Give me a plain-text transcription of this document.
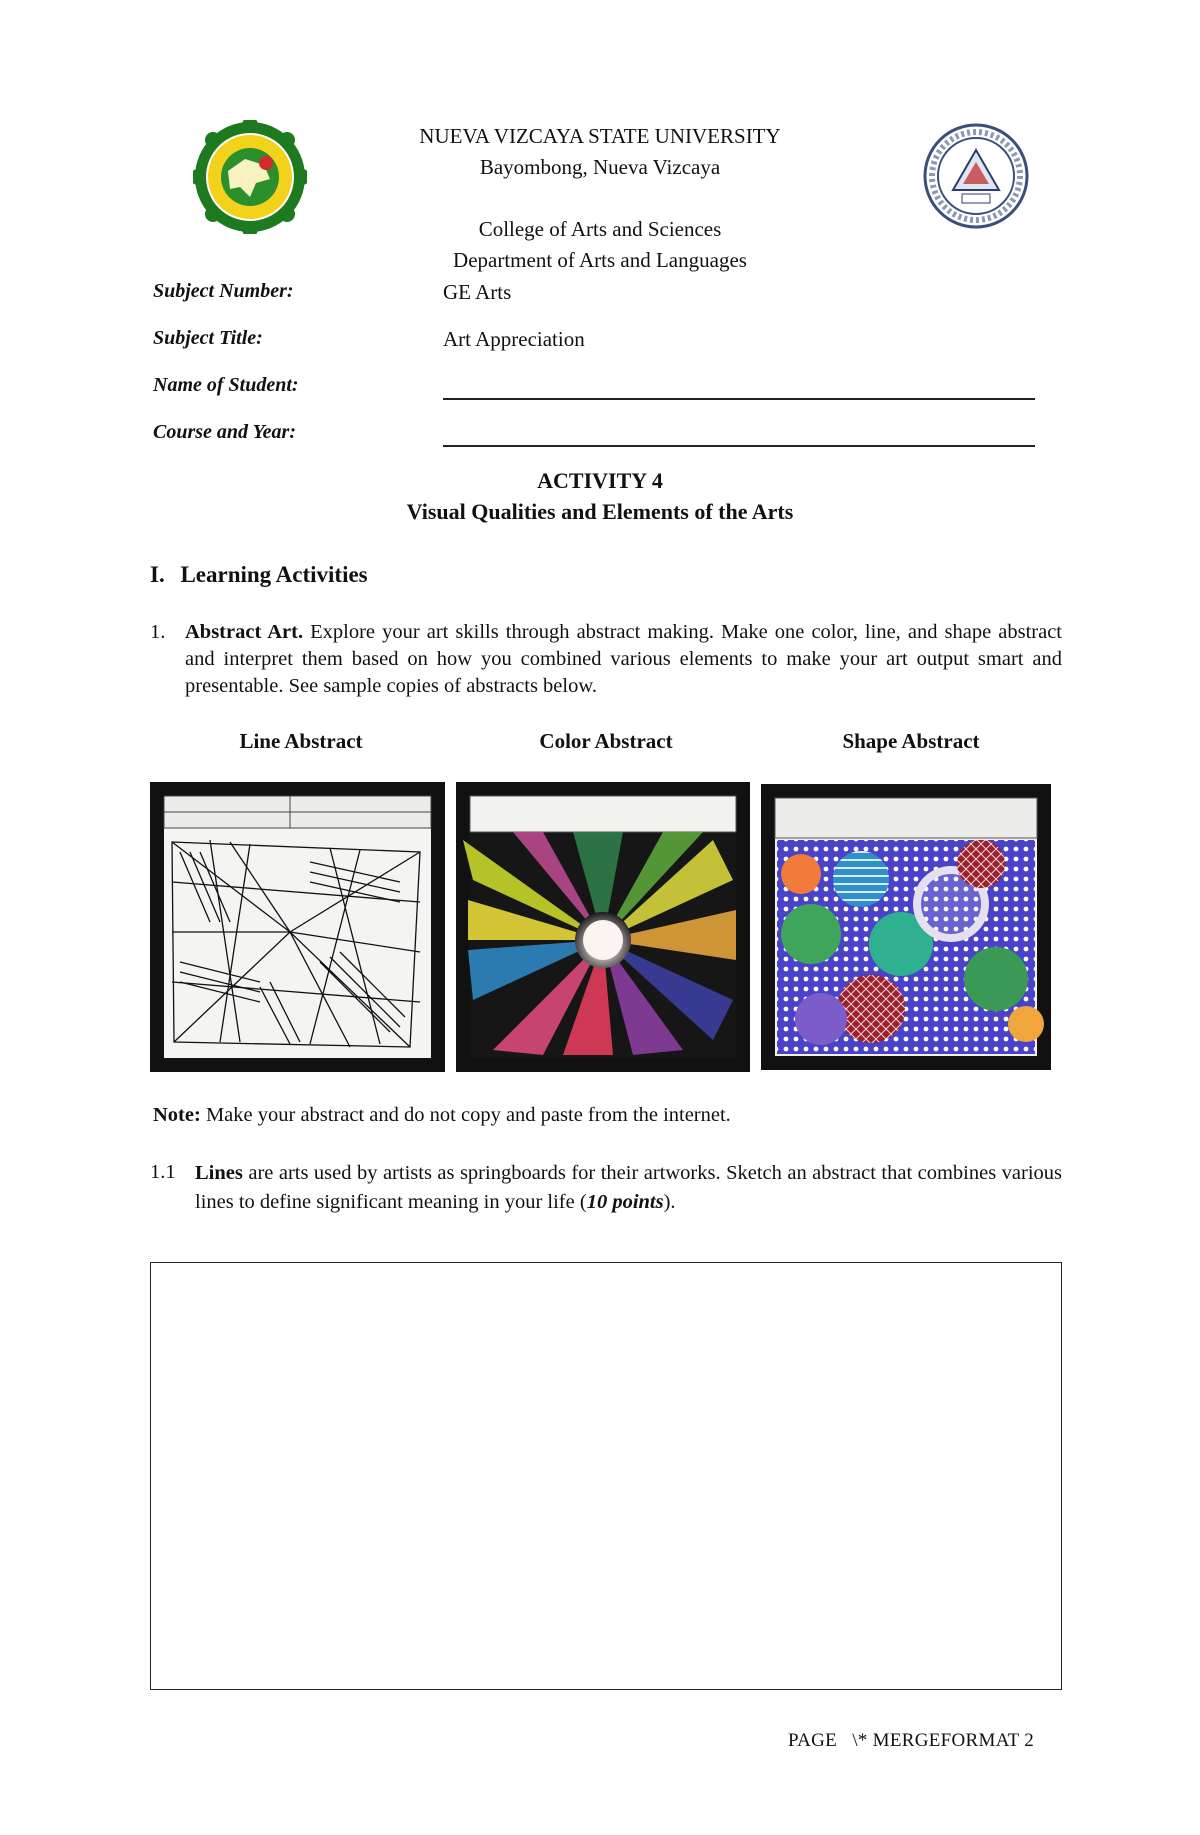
NUEVA VIZCAYA STATE UNIVERSITY
Bayombong, Nueva Vizcaya
College of Arts and Sciences
Department of Arts and Languages
Subject Number:	GE Arts
Subject Title:	Art Appreciation
Name of Student:
Course and Year:
ACTIVITY 4
Visual Qualities and Elements of the Arts
I. Learning Activities
1. Abstract Art. Explore your art skills through abstract making. Make one color, line, and shape abstract and interpret them based on how you combined various elements to make your art output smart and presentable. See sample copies of abstracts below.
Line Abstract	Color Abstract	Shape Abstract
Note: Make your abstract and do not copy and paste from the internet.
1.1 Lines are arts used by artists as springboards for their artworks. Sketch an abstract that combines various lines to define significant meaning in your life (10 points).
PAGE   \* MERGEFORMAT 2
